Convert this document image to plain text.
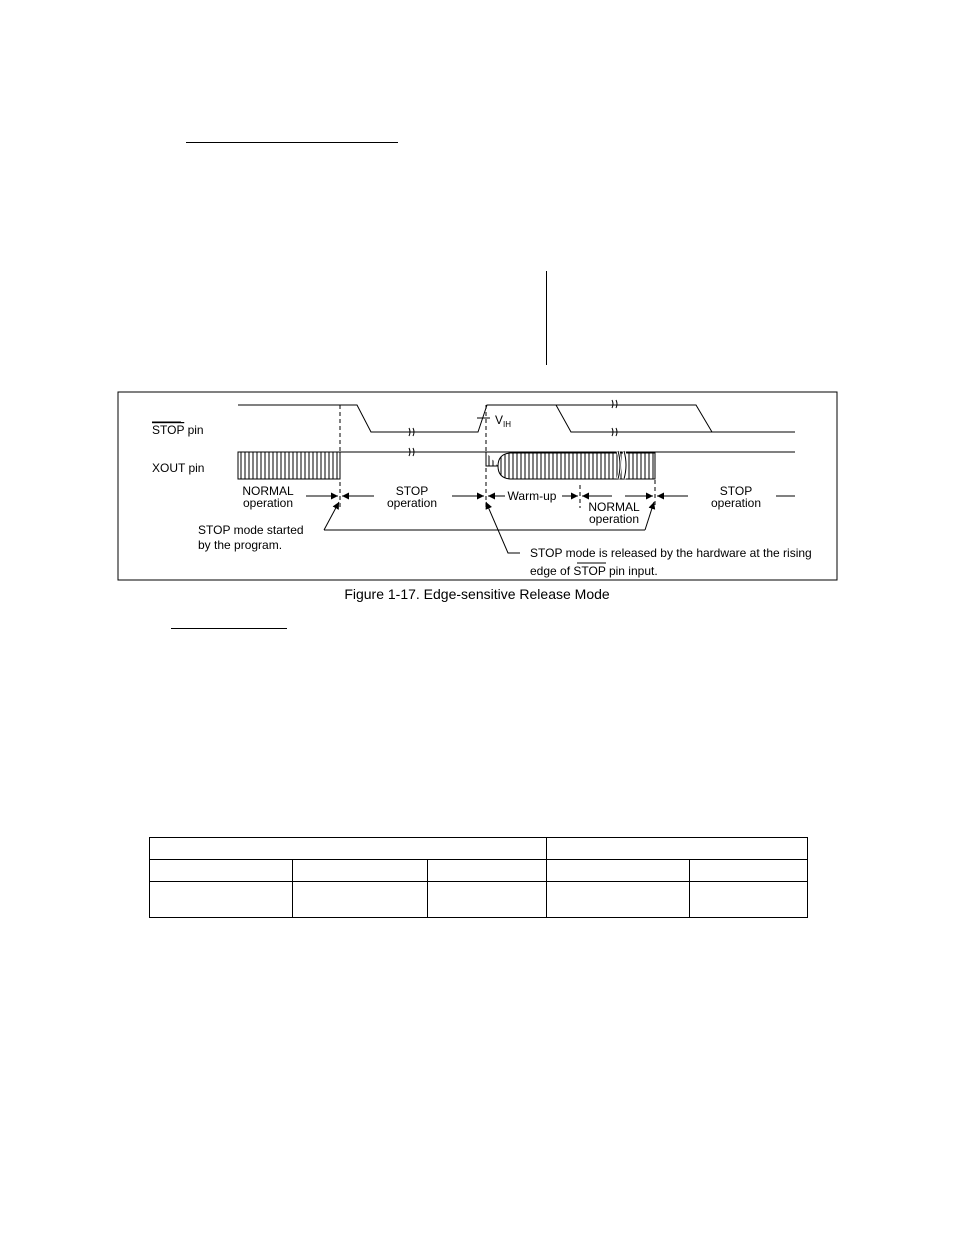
$V_{IH}$
STOP pin
XOUT pin
NORMAL
operation
STOP
operation	Warm-up
NORMAL
operation
STOP
operation
STOP mode started
by the program.
STOP mode is released by the hardware at the rising
edge of STOP pin input.
Figure 1-17. Edge-sensitive Release Mode
